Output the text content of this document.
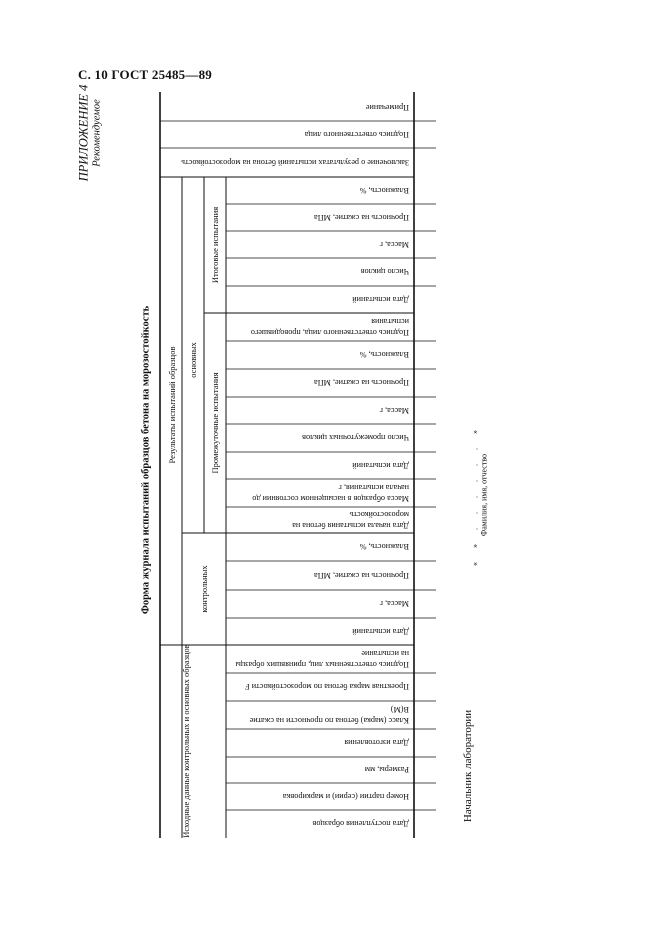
С. 10 ГОСТ 25485—89
ПРИЛОЖЕНИЕ 4 Рекомендуемое
Форма журнала испытаний образцов бетона на морозостойкость
Исходные данные контрольных и основных образцов
Результаты испытаний образцов основных
контрольных
Промежуточные испытания
Итоговые испытания
Примечание
Подпись ответственного лица
Заключение о результатах испытаний бетона на морозостойкость
Влажность, %
Прочность на сжатие, МПа
Масса, г
Число циклов
Дата испытаний
Подпись ответственного лица, проводившего испытания
Влажность, %
Прочность на сжатие, МПа
Масса, г
Число промежуточных циклов
Дата испытаний
Масса образцов в насыщенном состоянии до начала испытания, г
Дата начала испытания бетона на морозостойкость
Влажность, %
Прочность на сжатие, МПа
Масса, г
Дата испытаний
Подпись ответственных лиц, принявших образцы на испытание
Проектная марка бетона по морозостойкости F
Класс (марка) бетона по прочности на сжатие В(М)
Дата изготовления
Размеры, мм
Номер партии (серии) и маркировка
Дата поступления образцов
Начальник лаборатории
« » . . . . . . » Фамилия, имя, отчество
